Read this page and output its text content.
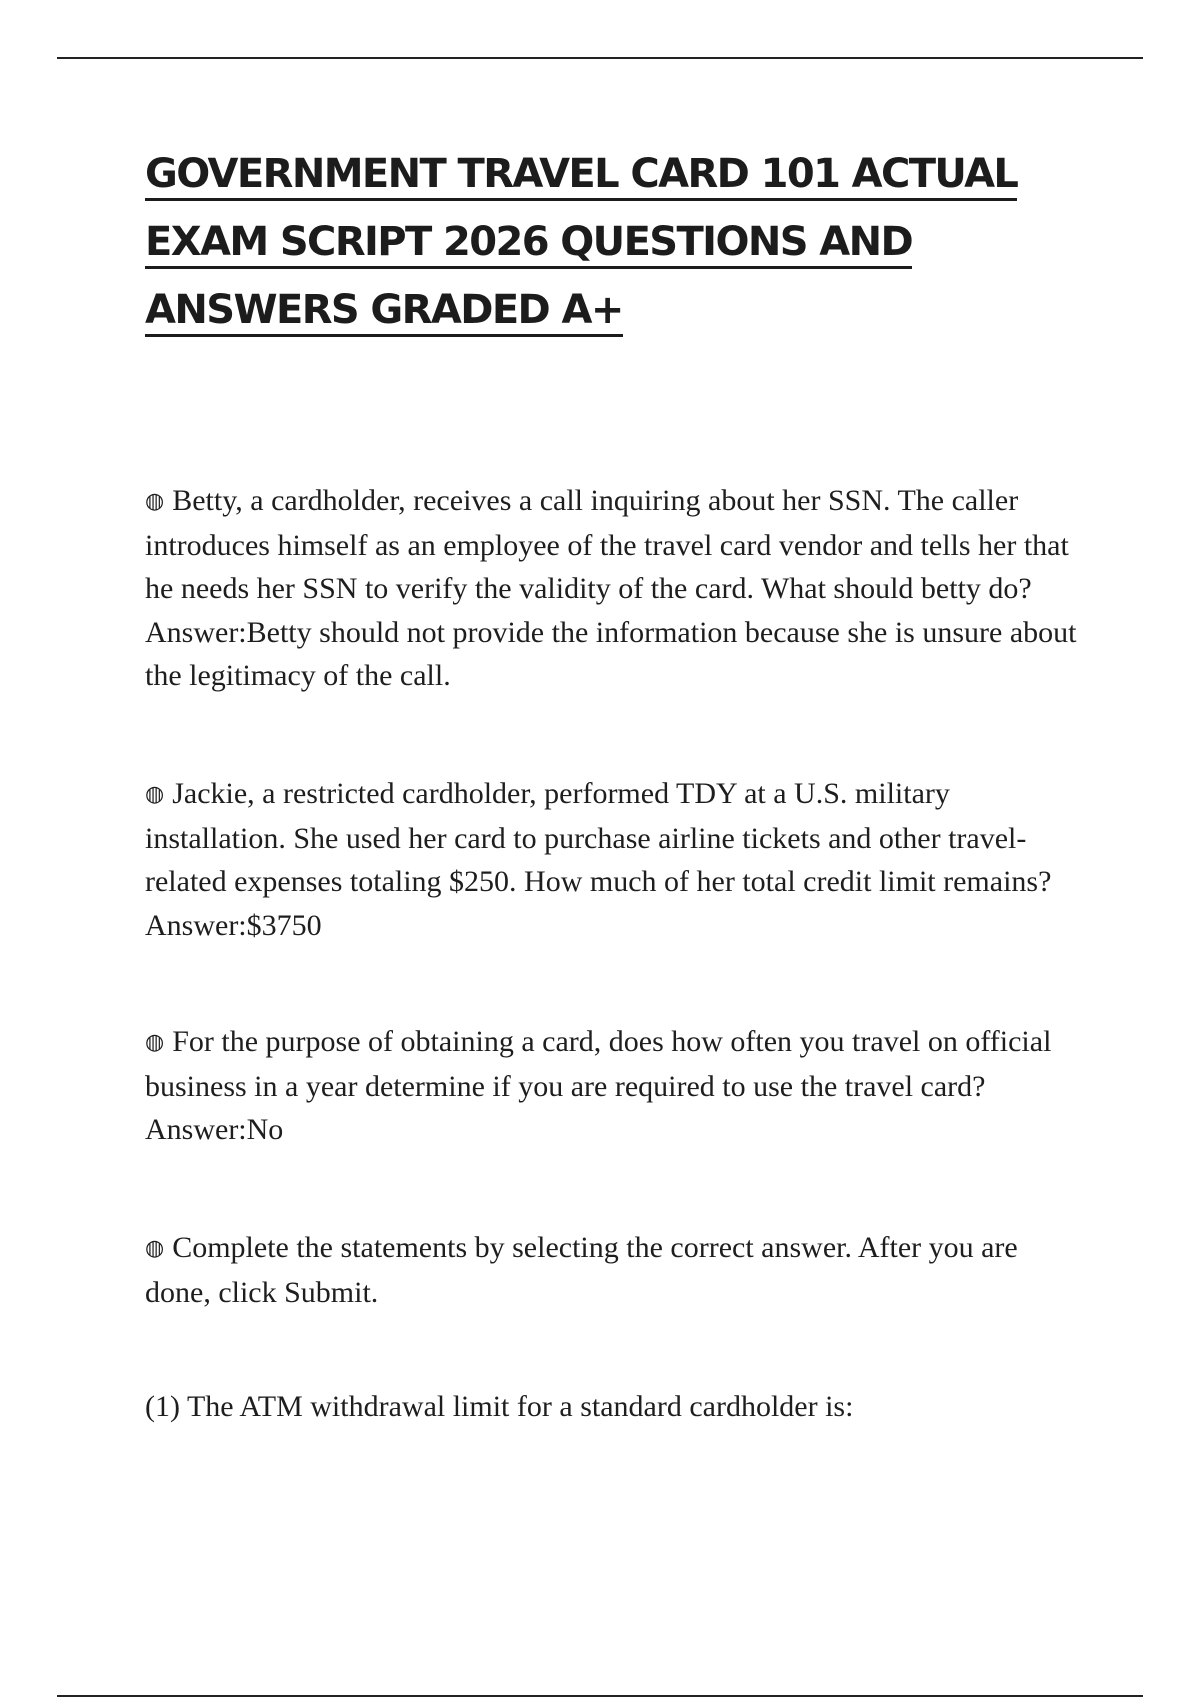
GOVERNMENT TRAVEL CARD 101 ACTUAL
EXAM SCRIPT 2026 QUESTIONS AND
ANSWERS GRADED A+

◍ Betty, a cardholder, receives a call inquiring about her SSN. The caller introduces himself as an employee of the travel card vendor and tells her that he needs her SSN to verify the validity of the card. What should betty do?  Answer:Betty should not provide the information because she is unsure about the legitimacy of the call.

◍ Jackie, a restricted cardholder, performed TDY at a U.S. military installation. She used her card to purchase airline tickets and other travel-related expenses totaling $250. How much of her total credit limit remains?  Answer:$3750

◍ For the purpose of obtaining a card, does how often you travel on official business in a year determine if you are required to use the travel card?  Answer:No

◍ Complete the statements by selecting the correct answer. After you are done, click Submit.

(1) The ATM withdrawal limit for a standard cardholder is:
